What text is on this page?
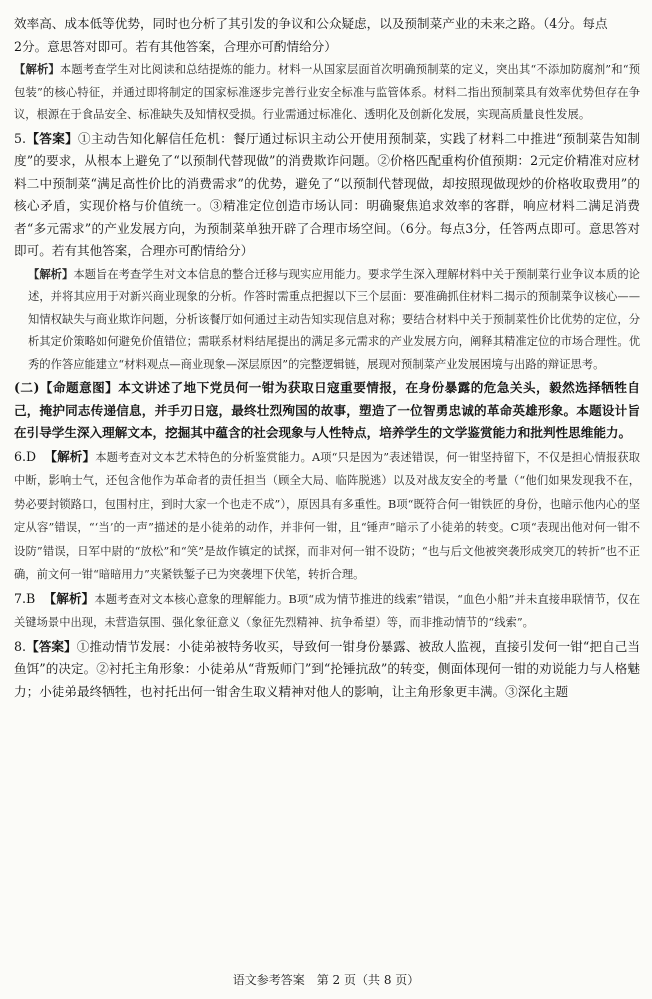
效率高、成本低等优势，同时也分析了其引发的争议和公众疑虑，以及预制菜产业的未来之路。（4分。每点
2分。意思答对即可。若有其他答案，合理亦可酌情给分）

【解析】本题考查学生对比阅读和总结提炼的能力。材料一从国家层面首次明确预制菜的定义，突出其“不添加防腐剂”和“预包装”的核心特征，并通过即将制定的国家标准逐步完善行业安全标准与监管体系。材料二指出预制菜具有效率优势但存在争议，根源在于食品安全、标准缺失及知情权受损。行业需通过标准化、透明化及创新化发展，实现高质量良性发展。

5.【答案】①主动告知化解信任危机：餐厅通过标识主动公开使用预制菜，实践了材料二中推进“预制菜告知制度”的要求，从根本上避免了“以预制代替现做”的消费欺诈问题。②价格匹配重构价值预期：2元定价精准对应材料二中预制菜“满足高性价比的消费需求”的优势，避免了“以预制代替现做，却按照现做现炒的价格收取费用”的核心矛盾，实现价格与价值统一。③精准定位创造市场认同：明确聚焦追求效率的客群，响应材料二满足消费者“多元需求”的产业发展方向，为预制菜单独开辟了合理市场空间。（6分。每点3分，任答两点即可。意思答对即可。若有其他答案，合理亦可酌情给分）

【解析】本题旨在考查学生对文本信息的整合迁移与现实应用能力。要求学生深入理解材料中关于预制菜行业争议本质的论述，并将其应用于对新兴商业现象的分析。作答时需重点把握以下三个层面：要准确抓住材料二揭示的预制菜争议核心——知情权缺失与商业欺诈问题，分析该餐厅如何通过主动告知实现信息对称；要结合材料中关于预制菜性价比优势的定位，分析其定价策略如何避免价值错位；需联系材料结尾提出的满足多元需求的产业发展方向，阐释其精准定位的市场合理性。优秀的作答应能建立“材料观点—商业现象—深层原因”的完整逻辑链，展现对预制菜产业发展困境与出路的辩证思考。

(二)【命题意图】本文讲述了地下党员何一钳为获取日寇重要情报，在身份暴露的危急关头，毅然选择牺牲自己，掩护同志传递信息，并手刃日寇，最终壮烈殉国的故事，塑造了一位智勇忠诚的革命英雄形象。本题设计旨在引导学生深入理解文本，挖掘其中蕴含的社会现象与人性特点，培养学生的文学鉴赏能力和批判性思维能力。

6.D 【解析】本题考查对文本艺术特色的分析鉴赏能力。A项“只是因为”表述错误，何一钳坚持留下，不仅是担心情报获取中断，影响士气，还包含他作为革命者的责任担当（顾全大局、临阵脱逃）以及对战友安全的考量（“他们如果发现我不在，势必要封锁路口，包围村庄，到时大家一个也走不成”），原因具有多重性。B项“既符合何一钳铁匠的身份，也暗示他内心的坚定从容”错误，“‘当’的一声”描述的是小徒弟的动作，并非何一钳，且“锤声”暗示了小徒弟的转变。C项“表现出他对何一钳不设防”错误，日军中尉的“放松”和“笑”是故作镇定的试探，而非对何一钳不设防；“也与后文他被突袭形成突兀的转折”也不正确，前文何一钳“暗暗用力”夹紧铁錾子已为突袭埋下伏笔，转折合理。

7.B 【解析】本题考查对文本核心意象的理解能力。B项“成为情节推进的线索”错误，“血色小船”并未直接串联情节，仅在关键场景中出现，未营造氛围、强化象征意义（象征先烈精神、抗争希望）等，而非推动情节的“线索”。

8.【答案】①推动情节发展：小徒弟被特务收买，导致何一钳身份暴露、被敌人监视，直接引发何一钳“把自己当鱼饵”的决定。②衬托主角形象：小徒弟从“背叛师门”到“抡锤抗敌”的转变，侧面体现何一钳的劝说能力与人格魅力；小徒弟最终牺牲，也衬托出何一钳舍生取义精神对他人的影响，让主角形象更丰满。③深化主题

语文参考答案　第 2 页（共 8 页）
